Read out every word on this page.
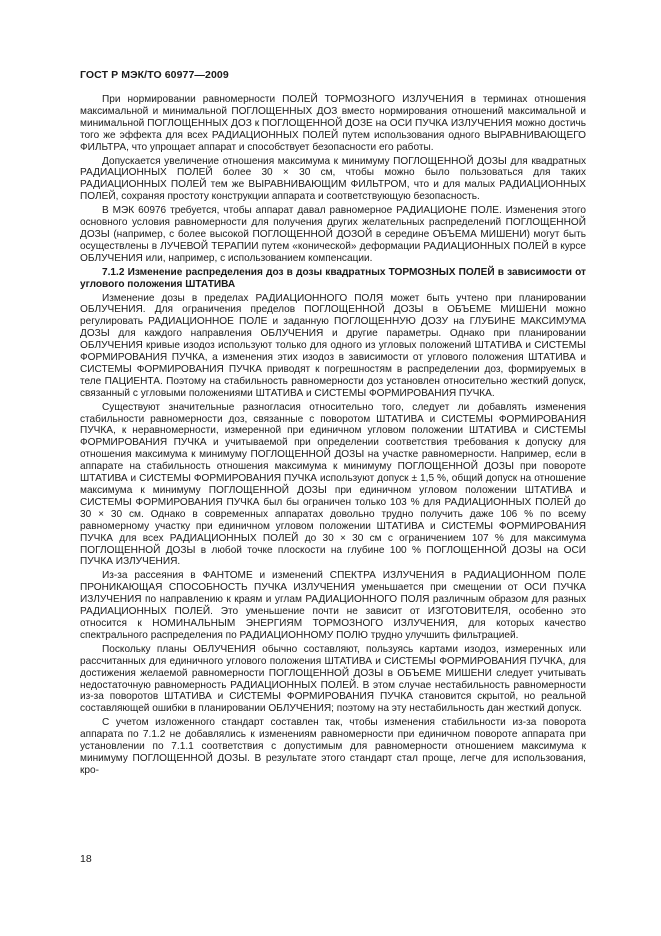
ГОСТ Р МЭК/ТО 60977—2009

При нормировании равномерности ПОЛЕЙ ТОРМОЗНОГО ИЗЛУЧЕНИЯ в терминах отношения максимальной и минимальной ПОГЛОЩЕННЫХ ДОЗ вместо нормирования отношений максимальной и минимальной ПОГЛОЩЕННЫХ ДОЗ к ПОГЛОЩЕННОЙ ДОЗЕ на ОСИ ПУЧКА ИЗЛУЧЕНИЯ можно достичь того же эффекта для всех РАДИАЦИОННЫХ ПОЛЕЙ путем использования одного ВЫРАВНИВАЮЩЕГО ФИЛЬТРА, что упрощает аппарат и способствует безопасности его работы.

Допускается увеличение отношения максимума к минимуму ПОГЛОЩЕННОЙ ДОЗЫ для квадратных РАДИАЦИОННЫХ ПОЛЕЙ более 30 × 30 см, чтобы можно было пользоваться для таких РАДИАЦИОННЫХ ПОЛЕЙ тем же ВЫРАВНИВАЮЩИМ ФИЛЬТРОМ, что и для малых РАДИАЦИОННЫХ ПОЛЕЙ, сохраняя простоту конструкции аппарата и соответствующую безопасность.

В МЭК 60976 требуется, чтобы аппарат давал равномерное РАДИАЦИОНЕ ПОЛЕ. Изменения этого основного условия равномерности для получения других желательных распределений ПОГЛОЩЕННОЙ ДОЗЫ (например, с более высокой ПОГЛОЩЕННОЙ ДОЗОЙ в середине ОБЪЕМА МИШЕНИ) могут быть осуществлены в ЛУЧЕВОЙ ТЕРАПИИ путем «конической» деформации РАДИАЦИОННЫХ ПОЛЕЙ в курсе ОБЛУЧЕНИЯ или, например, с использованием компенсации.

7.1.2 Изменение распределения доз в дозы квадратных ТОРМОЗНЫХ ПОЛЕЙ в зависимости от углового положения ШТАТИВА

Изменение дозы в пределах РАДИАЦИОННОГО ПОЛЯ может быть учтено при планировании ОБЛУЧЕНИЯ. Для ограничения пределов ПОГЛОЩЕННОЙ ДОЗЫ в ОБЪЕМЕ МИШЕНИ можно регулировать РАДИАЦИОННОЕ ПОЛЕ и заданную ПОГЛОЩЕННУЮ ДОЗУ на ГЛУБИНЕ МАКСИМУМА ДОЗЫ для каждого направления ОБЛУЧЕНИЯ и другие параметры. Однако при планировании ОБЛУЧЕНИЯ кривые изодоз используют только для одного из угловых положений ШТАТИВА и СИСТЕМЫ ФОРМИРОВАНИЯ ПУЧКА, а изменения этих изодоз в зависимости от углового положения ШТАТИВА и СИСТЕМЫ ФОРМИРОВАНИЯ ПУЧКА приводят к погрешностям в распределении доз, формируемых в теле ПАЦИЕНТА. Поэтому на стабильность равномерности доз установлен относительно жесткий допуск, связанный с угловыми положениями ШТАТИВА и СИСТЕМЫ ФОРМИРОВАНИЯ ПУЧКА.

Существуют значительные разногласия относительно того, следует ли добавлять изменения стабильности равномерности доз, связанные с поворотом ШТАТИВА и СИСТЕМЫ ФОРМИРОВАНИЯ ПУЧКА, к неравномерности, измеренной при единичном угловом положении ШТАТИВА и СИСТЕМЫ ФОРМИРОВАНИЯ ПУЧКА и учитываемой при определении соответствия требования к допуску для отношения максимума к минимуму ПОГЛОЩЕННОЙ ДОЗЫ на участке равномерности. Например, если в аппарате на стабильность отношения максимума к минимуму ПОГЛОЩЕННОЙ ДОЗЫ при повороте ШТАТИВА и СИСТЕМЫ ФОРМИРОВАНИЯ ПУЧКА используют допуск ± 1,5 %, общий допуск на отношение максимума к минимуму ПОГЛОЩЕННОЙ ДОЗЫ при единичном угловом положении ШТАТИВА и СИСТЕМЫ ФОРМИРОВАНИЯ ПУЧКА был бы ограничен только 103 % для РАДИАЦИОННЫХ ПОЛЕЙ до 30 × 30 см. Однако в современных аппаратах довольно трудно получить даже 106 % по всему равномерному участку при единичном угловом положении ШТАТИВА и СИСТЕМЫ ФОРМИРОВАНИЯ ПУЧКА для всех РАДИАЦИОННЫХ ПОЛЕЙ до 30 × 30 см с ограничением 107 % для максимума ПОГЛОЩЕННОЙ ДОЗЫ в любой точке плоскости на глубине 100 % ПОГЛОЩЕННОЙ ДОЗЫ на ОСИ ПУЧКА ИЗЛУЧЕНИЯ.

Из-за рассеяния в ФАНТОМЕ и изменений СПЕКТРА ИЗЛУЧЕНИЯ в РАДИАЦИОННОМ ПОЛЕ ПРОНИКАЮЩАЯ СПОСОБНОСТЬ ПУЧКА ИЗЛУЧЕНИЯ уменьшается при смещении от ОСИ ПУЧКА ИЗЛУЧЕНИЯ по направлению к краям и углам РАДИАЦИОННОГО ПОЛЯ различным образом для разных РАДИАЦИОННЫХ ПОЛЕЙ. Это уменьшение почти не зависит от ИЗГОТОВИТЕЛЯ, особенно это относится к НОМИНАЛЬНЫМ ЭНЕРГИЯМ ТОРМОЗНОГО ИЗЛУЧЕНИЯ, для которых качество спектрального распределения по РАДИАЦИОННОМУ ПОЛЮ трудно улучшить фильтрацией.

Поскольку планы ОБЛУЧЕНИЯ обычно составляют, пользуясь картами изодоз, измеренных или рассчитанных для единичного углового положения ШТАТИВА и СИСТЕМЫ ФОРМИРОВАНИЯ ПУЧКА, для достижения желаемой равномерности ПОГЛОЩЕННОЙ ДОЗЫ в ОБЪЕМЕ МИШЕНИ следует учитывать недостаточную равномерность РАДИАЦИОННЫХ ПОЛЕЙ. В этом случае нестабильность равномерности из-за поворотов ШТАТИВА и СИСТЕМЫ ФОРМИРОВАНИЯ ПУЧКА становится скрытой, но реальной составляющей ошибки в планировании ОБЛУЧЕНИЯ; поэтому на эту нестабильность дан жесткий допуск.

С учетом изложенного стандарт составлен так, чтобы изменения стабильности из-за поворота аппарата по 7.1.2 не добавлялись к изменениям равномерности при единичном повороте аппарата при установлении по 7.1.1 соответствия с допустимым для равномерности отношением максимума к минимуму ПОГЛОЩЕННОЙ ДОЗЫ. В результате этого стандарт стал проще, легче для использования, кро-

18
